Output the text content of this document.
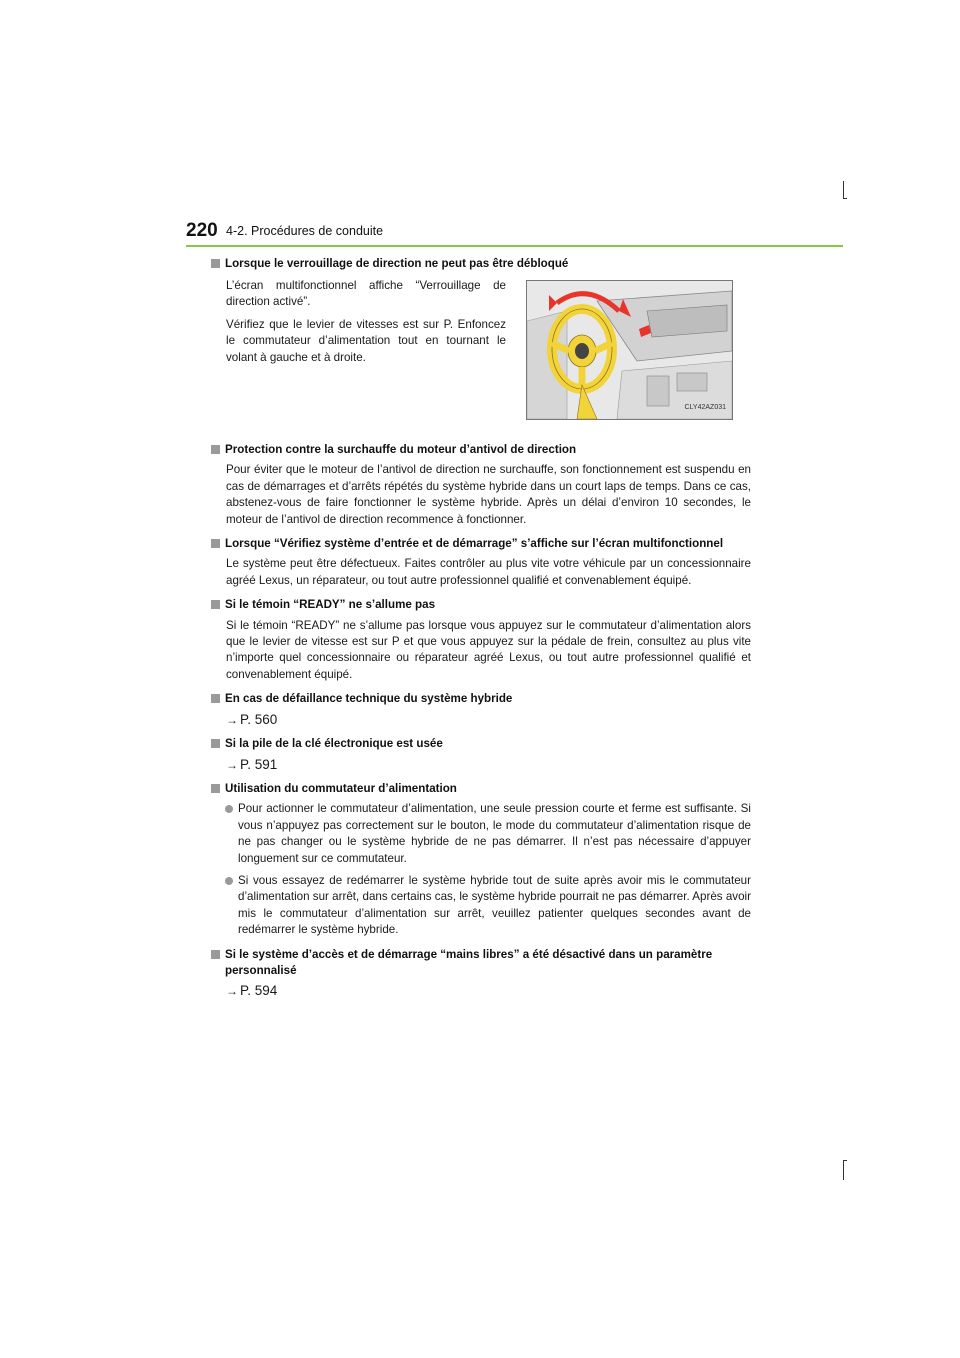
220 4-2. Procédures de conduite
Lorsque le verrouillage de direction ne peut pas être débloqué

L’écran multifonctionnel affiche “Verrouillage de direction activé”.

Vérifiez que le levier de vitesses est sur P. Enfoncez le commutateur d’alimentation tout en tournant le volant à gauche et à droite.

CLY42AZ031
Protection contre la surchauffe du moteur d’antivol de direction

Pour éviter que le moteur de l’antivol de direction ne surchauffe, son fonctionnement est suspendu en cas de démarrages et d’arrêts répétés du système hybride dans un court laps de temps. Dans ce cas, abstenez-vous de faire fonctionner le système hybride. Après un délai d’environ 10 secondes, le moteur de l’antivol de direction recommence à fonctionner.

Lorsque “Vérifiez système d’entrée et de démarrage” s’affiche sur l’écran multifonctionnel

Le système peut être défectueux. Faites contrôler au plus vite votre véhicule par un concessionnaire agréé Lexus, un réparateur, ou tout autre professionnel qualifié et convenablement équipé.

Si le témoin “READY” ne s’allume pas

Si le témoin “READY” ne s’allume pas lorsque vous appuyez sur le commutateur d’alimentation alors que le levier de vitesse est sur P et que vous appuyez sur la pédale de frein, consultez au plus vite n’importe quel concessionnaire ou réparateur agréé Lexus, ou tout autre professionnel qualifié et convenablement équipé.

En cas de défaillance technique du système hybride
→ P. 560
Si la pile de la clé électronique est usée
→ P. 591
Utilisation du commutateur d’alimentation
Pour actionner le commutateur d’alimentation, une seule pression courte et ferme est suffisante. Si vous n’appuyez pas correctement sur le bouton, le mode du commutateur d’alimentation risque de ne pas changer ou le système hybride de ne pas démarrer. Il n’est pas nécessaire d’appuyer longuement sur ce commutateur.
Si vous essayez de redémarrer le système hybride tout de suite après avoir mis le commutateur d’alimentation sur arrêt, dans certains cas, le système hybride pourrait ne pas démarrer. Après avoir mis le commutateur d’alimentation sur arrêt, veuillez patienter quelques secondes avant de redémarrer le système hybride.
Si le système d’accès et de démarrage “mains libres” a été désactivé dans un paramètre personnalisé
→ P. 594
